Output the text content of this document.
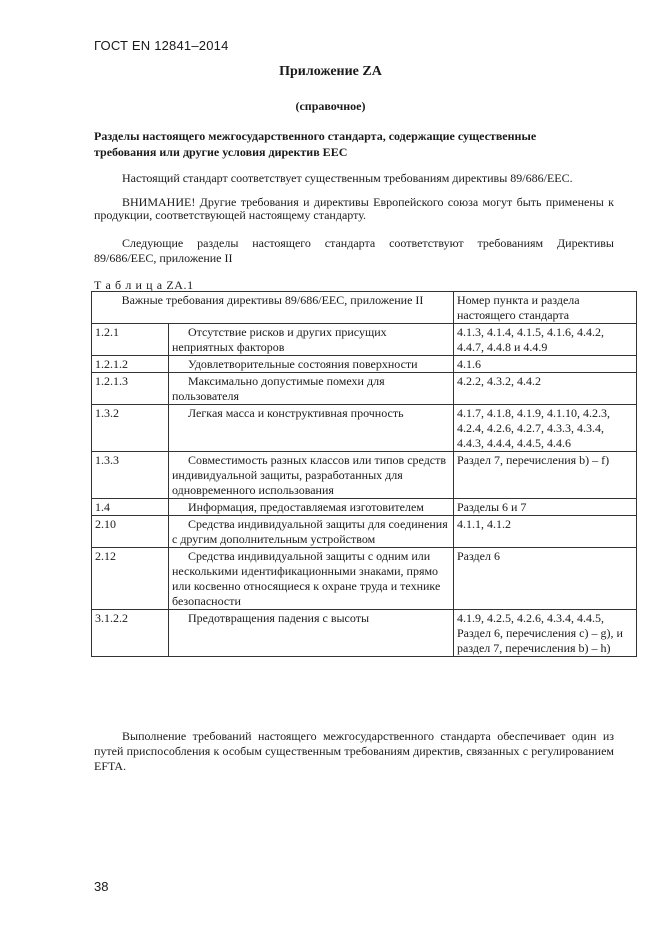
ГОСТ EN 12841–2014
Приложение ZA
(справочное)
Разделы настоящего межгосударственного стандарта, содержащие существенные требования или другие условия директив EEC
Настоящий стандарт соответствует существенным требованиям директивы 89/686/EEC.
ВНИМАНИЕ! Другие требования и директивы Европейского союза могут быть применены к продукции, соответствующей настоящему стандарту.
Следующие разделы настоящего стандарта соответствуют требованиям Директивы 89/686/EEC, приложение II
Т а б л и ц а ZA.1
Важные требования директивы 89/686/EEC, приложение II		Номер пункта и раздела настоящего стандарта
1.2.1	Отсутствие рисков и других присущих неприятных факторов	4.1.3, 4.1.4, 4.1.5, 4.1.6, 4.4.2, 4.4.7, 4.4.8 и 4.4.9
1.2.1.2	Удовлетворительные состояния поверхности	4.1.6
1.2.1.3	Максимально допустимые помехи для пользователя	4.2.2, 4.3.2, 4.4.2
1.3.2	Легкая масса и конструктивная прочность	4.1.7, 4.1.8, 4.1.9, 4.1.10, 4.2.3, 4.2.4, 4.2.6, 4.2.7, 4.3.3, 4.3.4, 4.4.3, 4.4.4, 4.4.5, 4.4.6
1.3.3	Совместимость разных классов или типов средств индивидуальной защиты, разработанных для одновременного использования	Раздел 7, перечисления b) – f)
1.4	Информация, предоставляемая изготовителем	Разделы 6 и 7
2.10	Средства индивидуальной защиты для соединения с другим дополнительным устройством	4.1.1, 4.1.2
2.12	Средства индивидуальной защиты с одним или несколькими идентификационными знаками, прямо или косвенно относящиеся к охране труда и технике безопасности	Раздел 6
3.1.2.2	Предотвращения падения с высоты	4.1.9, 4.2.5, 4.2.6, 4.3.4, 4.4.5, Раздел 6, перечисления c) – g), и раздел 7, перечисления b) – h)
Выполнение требований настоящего межгосударственного стандарта обеспечивает один из путей приспособления к особым существенным требованиям директив, связанных с регулированием EFTA.
38
